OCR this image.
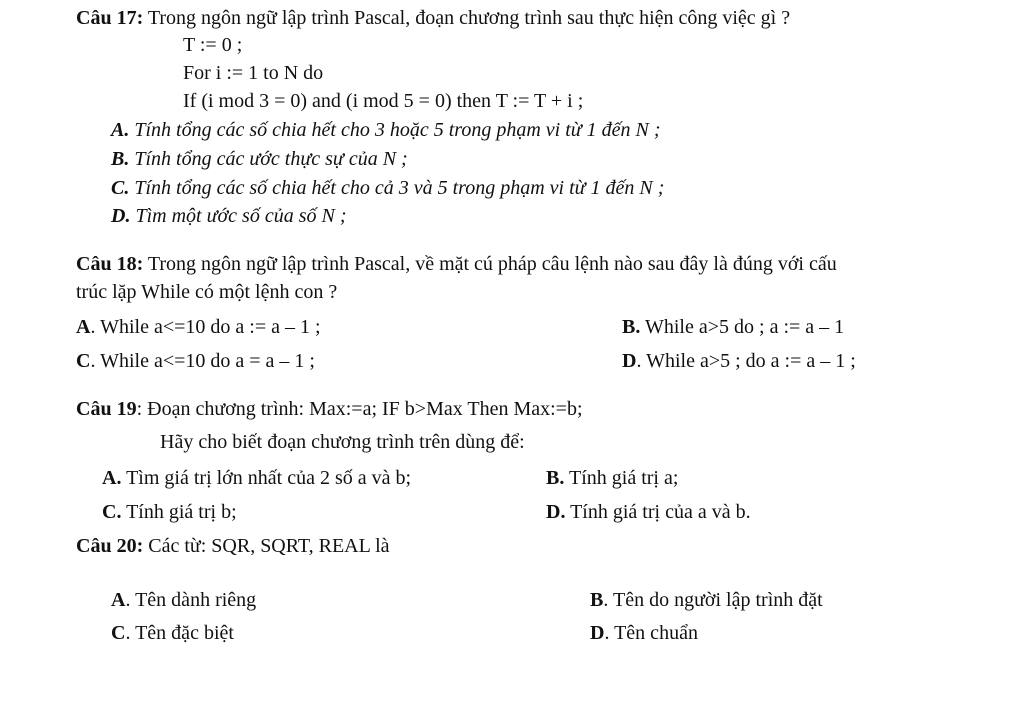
Câu 17: Trong ngôn ngữ lập trình Pascal, đoạn chương trình sau thực hiện công việc gì ?
T := 0 ;
For i := 1 to N do
If (i mod 3 = 0) and (i mod 5 = 0) then T := T + i ;
A. Tính tổng các số chia hết cho 3 hoặc 5 trong phạm vi từ 1 đến N ;
B. Tính tổng các ước thực sự của N ;
C. Tính tổng các số chia hết cho cả 3 và 5 trong phạm vi từ 1 đến N ;
D. Tìm một ước số của số N ;
Câu 18: Trong ngôn ngữ lập trình Pascal, về mặt cú pháp câu lệnh nào sau đây là đúng với cấu
trúc lặp While có một lệnh con ?
A. While a<=10 do a := a – 1 ;	B. While a>5 do ; a := a – 1
C. While a<=10 do a = a – 1 ;	D. While a>5 ; do a := a – 1 ;
Câu 19: Đoạn chương trình: Max:=a; IF b>Max Then Max:=b;
Hãy cho biết đoạn chương trình trên dùng để:
A. Tìm giá trị lớn nhất của 2 số a và b;	B. Tính giá trị a;
C. Tính giá trị b;	D. Tính giá trị của a và b.
Câu 20: Các từ: SQR, SQRT, REAL là
A. Tên dành riêng	B. Tên do người lập trình đặt
C. Tên đặc biệt	D. Tên chuẩn
